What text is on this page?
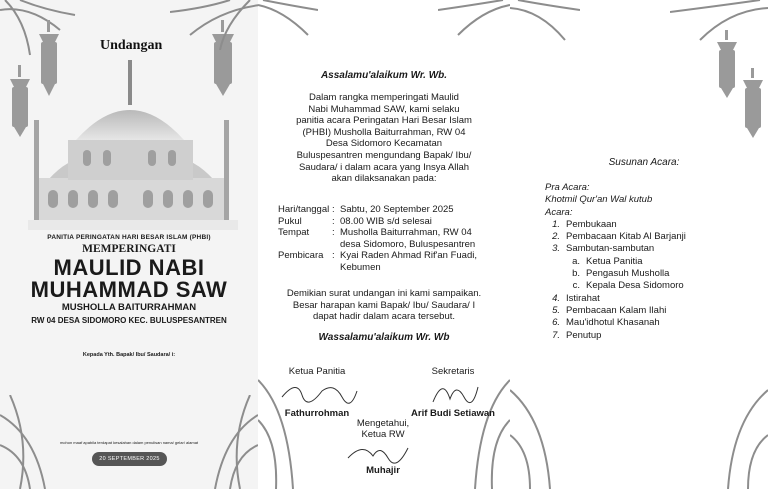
Undangan
PANITIA PERINGATAN HARI BESAR ISLAM (PHBI)
MEMPERINGATI
MAULID NABI
MUHAMMAD SAW
MUSHOLLA BAITURRAHMAN
RW 04 DESA SIDOMORO KEC. BULUSPESANTREN
Kepada Yth. Bapak/ Ibu/ Saudara/ i:
mohon maaf apabila terdapat kesalahan dalam penulisan nama/ gelar/ alamat
20 SEPTEMBER 2025
Assalamu'alaikum Wr. Wb.
Dalam rangka memperingati Maulid
Nabi Muhammad SAW, kami selaku
panitia acara Peringatan Hari Besar Islam
(PHBI) Musholla Baiturrahman, RW 04
Desa Sidomoro Kecamatan
Buluspesantren mengundang Bapak/ Ibu/
Saudara/ i dalam acara yang Insya Allah
akan dilaksanakan pada:
Hari/tanggal : Sabtu, 20 September 2025
Pukul	: 08.00 WIB s/d selesai
Tempat	: Musholla Baiturrahman, RW 04
desa Sidomoro, Buluspesantren
Pembicara : Kyai Raden Ahmad Rif'an Fuadi,
Kebumen
Demikian surat undangan ini kami sampaikan.
Besar harapan kami Bapak/ Ibu/ Saudara/ I
dapat hadir dalam acara tersebut.
Wassalamu'alaikum Wr. Wb
Ketua Panitia
Fathurrohman
Sekretaris
Arif Budi Setiawan
Mengetahui,
Ketua RW
Muhajir
Susunan Acara:
Pra Acara:
Khotmil Qur'an Wal kutub
Acara:
1. Pembukaan
2. Pembacaan Kitab Al Barjanji
3. Sambutan-sambutan
a. Ketua Panitia
b. Pengasuh Musholla
c. Kepala Desa Sidomoro
4. Istirahat
5. Pembacaan Kalam Ilahi
6. Mau'idhotul Khasanah
7. Penutup
